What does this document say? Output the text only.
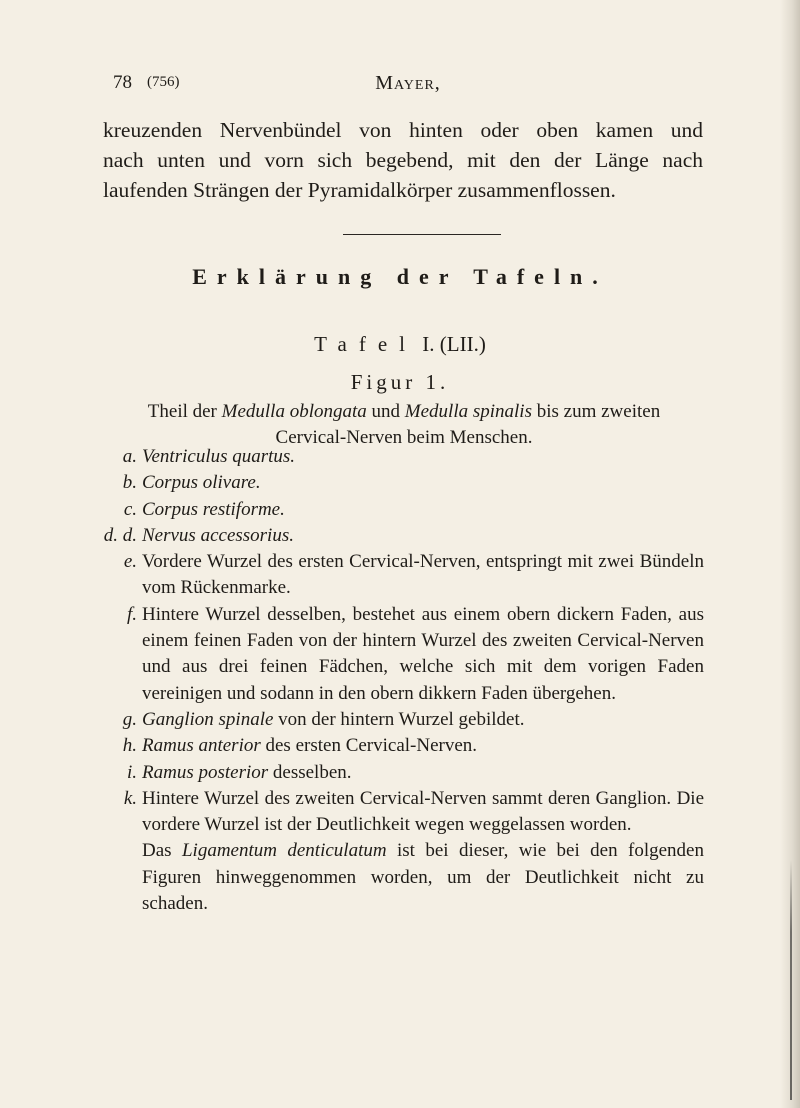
78 (756)	Mayer,

kreuzenden Nervenbündel von hinten oder oben kamen und

nach unten und vorn sich begebend, mit den der Länge nach

laufenden Strängen der Pyramidalkörper zusammenflossen.

Erklärung der Tafeln.
Tafel I. (LII.)
Figur 1.

Theil der Medulla oblongata und Medulla spinalis bis zum zweiten

Cervical-Nerven beim Menschen.

a. Ventriculus quartus.
b. Corpus olivare.
c. Corpus restiforme.
d. d. Nervus accessorius.
e. Vordere Wurzel des ersten Cervical-Nerven, entspringt mit zwei Bündeln vom Rückenmarke.
f. Hintere Wurzel desselben, bestehet aus einem obern dickern Faden, aus einem feinen Faden von der hintern Wurzel des zweiten Cervical-Nerven und aus drei feinen Fädchen, welche sich mit dem vorigen Faden vereinigen und sodann in den obern dikkern Faden übergehen.
g. Ganglion spinale von der hintern Wurzel gebildet.
h. Ramus anterior des ersten Cervical-Nerven.
i. Ramus posterior desselben.
k. Hintere Wurzel des zweiten Cervical-Nerven sammt deren Ganglion. Die vordere Wurzel ist der Deutlichkeit wegen weggelassen worden.
Das Ligamentum denticulatum ist bei dieser, wie bei den folgenden Figuren hinweggenommen worden, um der Deutlichkeit nicht zu schaden.
